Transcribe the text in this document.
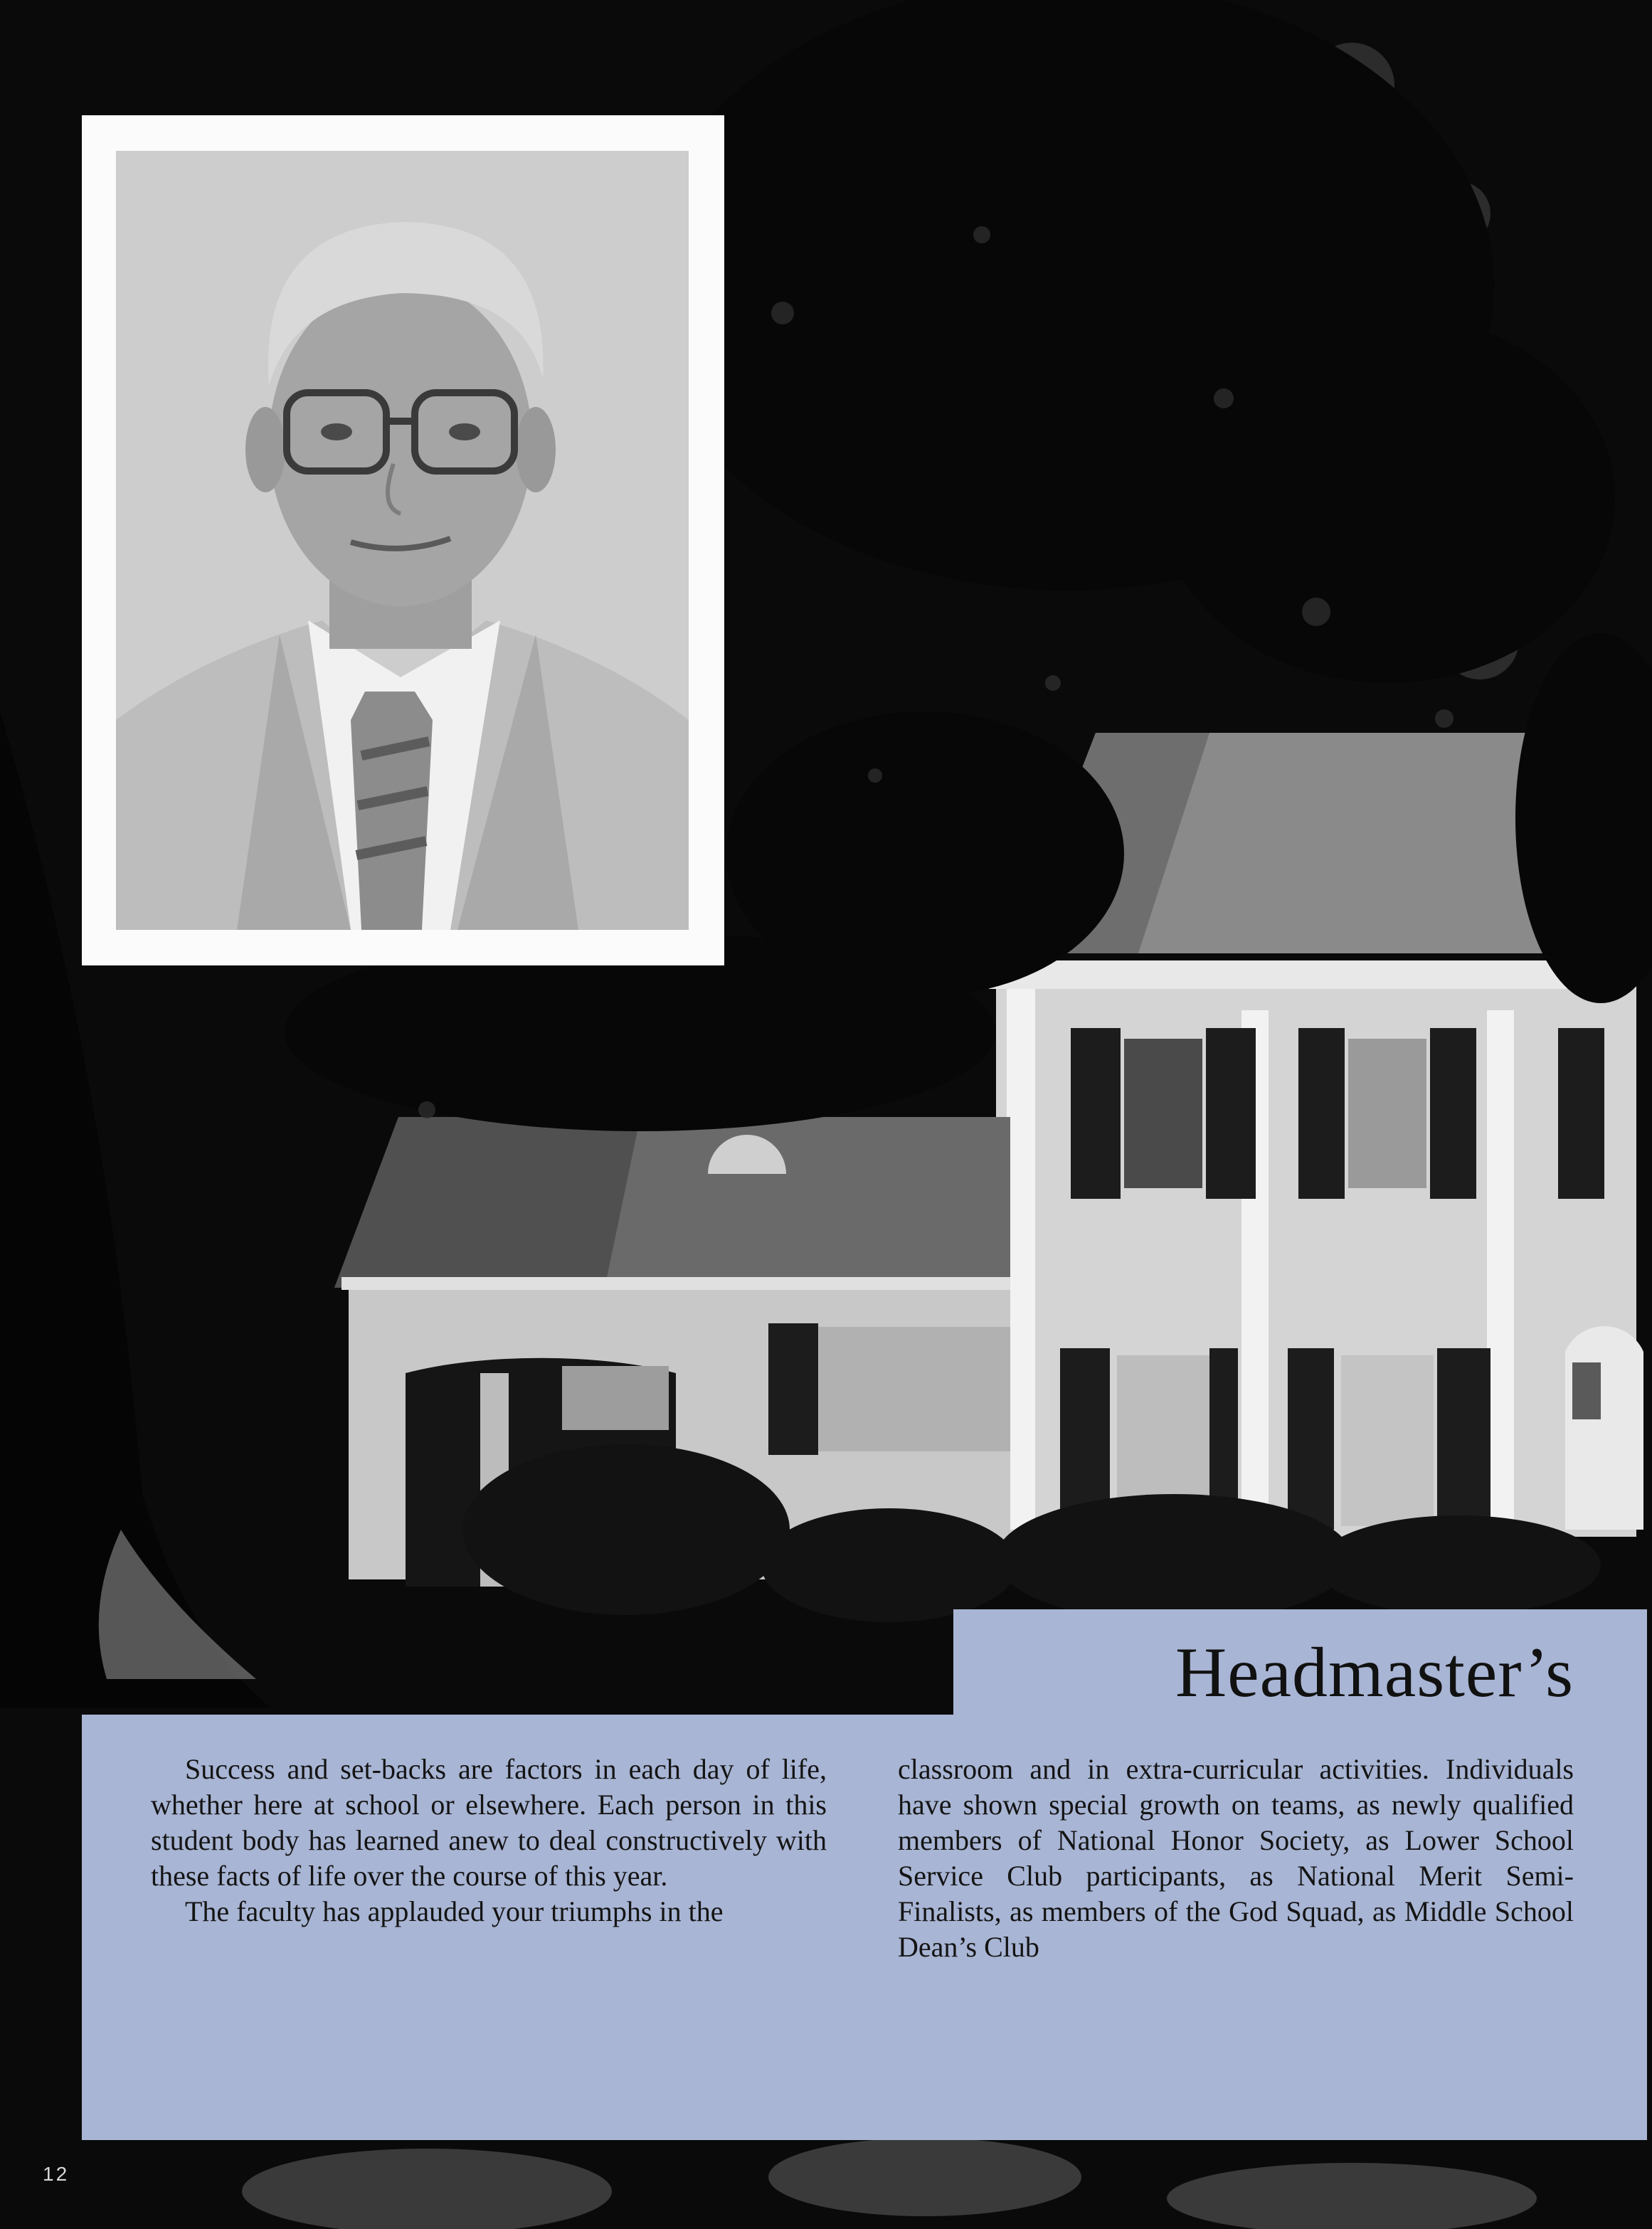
Headmaster’s

Success and set-backs are factors in each day of life, whether here at school or elsewhere. Each person in this student body has learned anew to deal constructively with these facts of life over the course of this year.

The faculty has applauded your triumphs in the

classroom and in extra-curricular activities. Individuals have shown special growth on teams, as newly qualified members of National Honor Society, as Lower School Service Club participants, as National Merit Semi-Finalists, as members of the God Squad, as Middle School Dean’s Club

12
